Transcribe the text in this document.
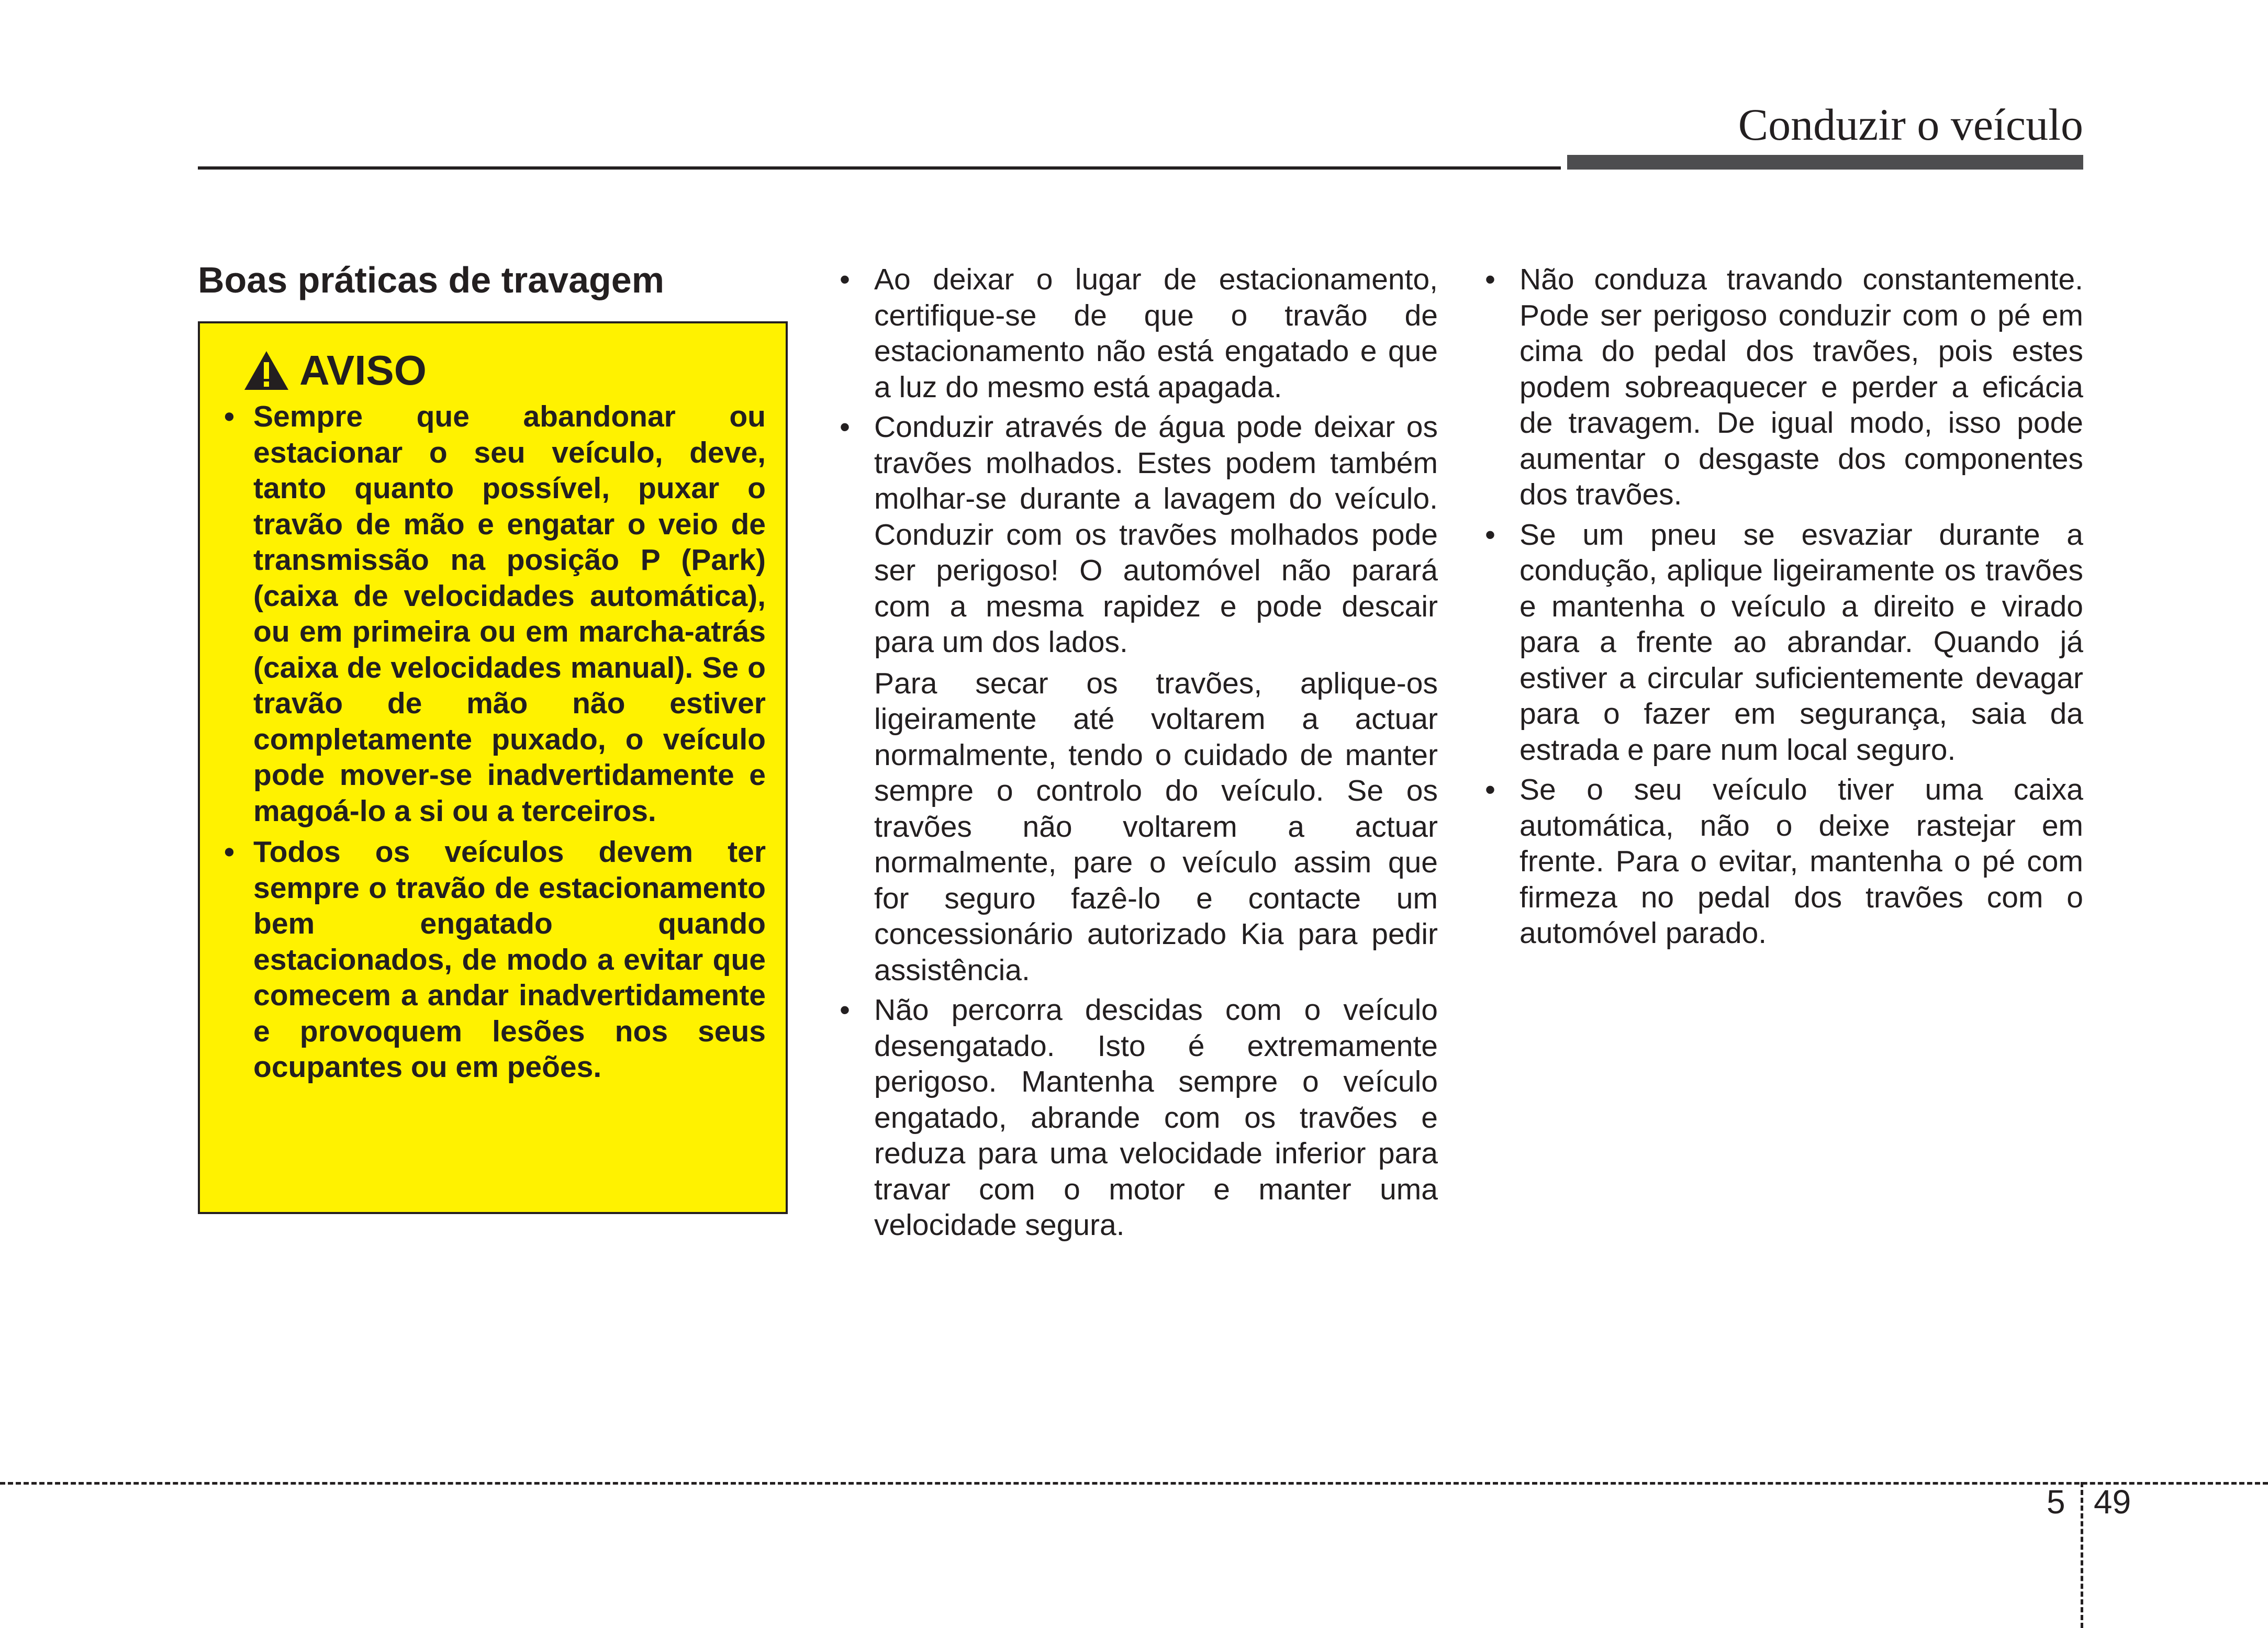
Conduzir o veículo
Boas práticas de travagem
AVISO
• Sempre que abandonar ou estacionar o seu veículo, deve, tanto quanto possível, puxar o travão de mão e engatar o veio de transmissão na posição P (Park) (caixa de velocidades automática), ou em primeira ou em marcha-atrás (caixa de velocidades manual). Se o travão de mão não estiver completamente puxado, o veículo pode mover-se inadvertidamente e magoá-lo a si ou a terceiros.
• Todos os veículos devem ter sempre o travão de estacionamento bem engatado quando estacionados, de modo a evitar que comecem a andar inadvertidamente e provoquem lesões nos seus ocupantes ou em peões.
• Ao deixar o lugar de estacionamento, certifique-se de que o travão de estacionamento não está engatado e que a luz do mesmo está apagada.
• Conduzir através de água pode deixar os travões molhados. Estes podem também molhar-se durante a lavagem do veículo. Conduzir com os travões molhados pode ser perigoso! O automóvel não parará com a mesma rapidez e pode descair para um dos lados.

Para secar os travões, aplique-os ligeiramente até voltarem a actuar normalmente, tendo o cuidado de manter sempre o controlo do veículo. Se os travões não voltarem a actuar normalmente, pare o veículo assim que for seguro fazê-lo e contacte um concessionário autorizado Kia para pedir assistência.

• Não percorra descidas com o veículo desengatado. Isto é extremamente perigoso. Mantenha sempre o veículo engatado, abrande com os travões e reduza para uma velocidade inferior para travar com o motor e manter uma velocidade segura.
• Não conduza travando constantemente. Pode ser perigoso conduzir com o pé em cima do pedal dos travões, pois estes podem sobreaquecer e perder a eficácia de travagem. De igual modo, isso pode aumentar o desgaste dos componentes dos travões.
• Se um pneu se esvaziar durante a condução, aplique ligeiramente os travões e mantenha o veículo a direito e virado para a frente ao abrandar. Quando já estiver a circular suficientemente devagar para o fazer em segurança, saia da estrada e pare num local seguro.
• Se o seu veículo tiver uma caixa automática, não o deixe rastejar em frente. Para o evitar, mantenha o pé com firmeza no pedal dos travões com o automóvel parado.
5 49
